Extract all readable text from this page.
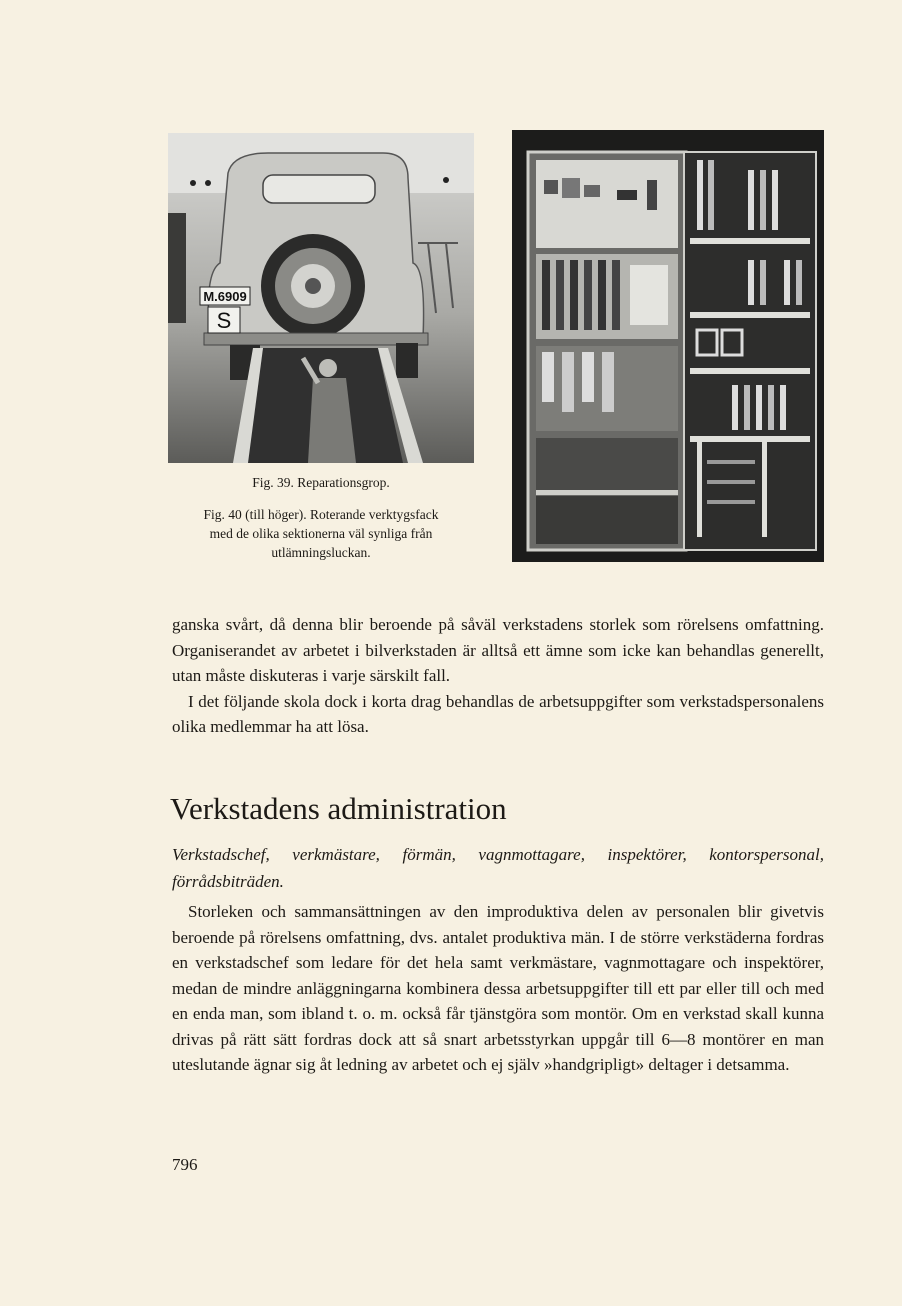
M.6909
S
Fig. 39. Reparationsgrop.
Fig. 40 (till höger). Roterande verktygsfack
med de olika sektionerna väl synliga från
utlämningsluckan.

ganska svårt, då denna blir beroende på såväl verkstadens storlek som rörelsens omfattning. Organiserandet av arbetet i bilverkstaden är alltså ett ämne som icke kan behandlas generellt, utan måste diskuteras i varje särskilt fall.

I det följande skola dock i korta drag behandlas de arbetsuppgifter som verkstadspersonalens olika medlemmar ha att lösa.

Verkstadens administration
Verkstadschef, verkmästare, förmän, vagnmottagare, inspektörer, kontorspersonal, förrådsbiträden.

Storleken och sammansättningen av den improduktiva delen av personalen blir givetvis beroende på rörelsens omfattning, dvs. antalet produktiva män. I de större verkstäderna fordras en verkstadschef som ledare för det hela samt verkmästare, vagnmottagare och inspektörer, medan de mindre anläggningarna kombinera dessa arbetsuppgifter till ett par eller till och med en enda man, som ibland t. o. m. också får tjänstgöra som montör. Om en verkstad skall kunna drivas på rätt sätt fordras dock att så snart arbetsstyrkan uppgår till 6—8 montörer en man uteslutande ägnar sig åt ledning av arbetet och ej själv »handgripligt» deltager i detsamma.

796
